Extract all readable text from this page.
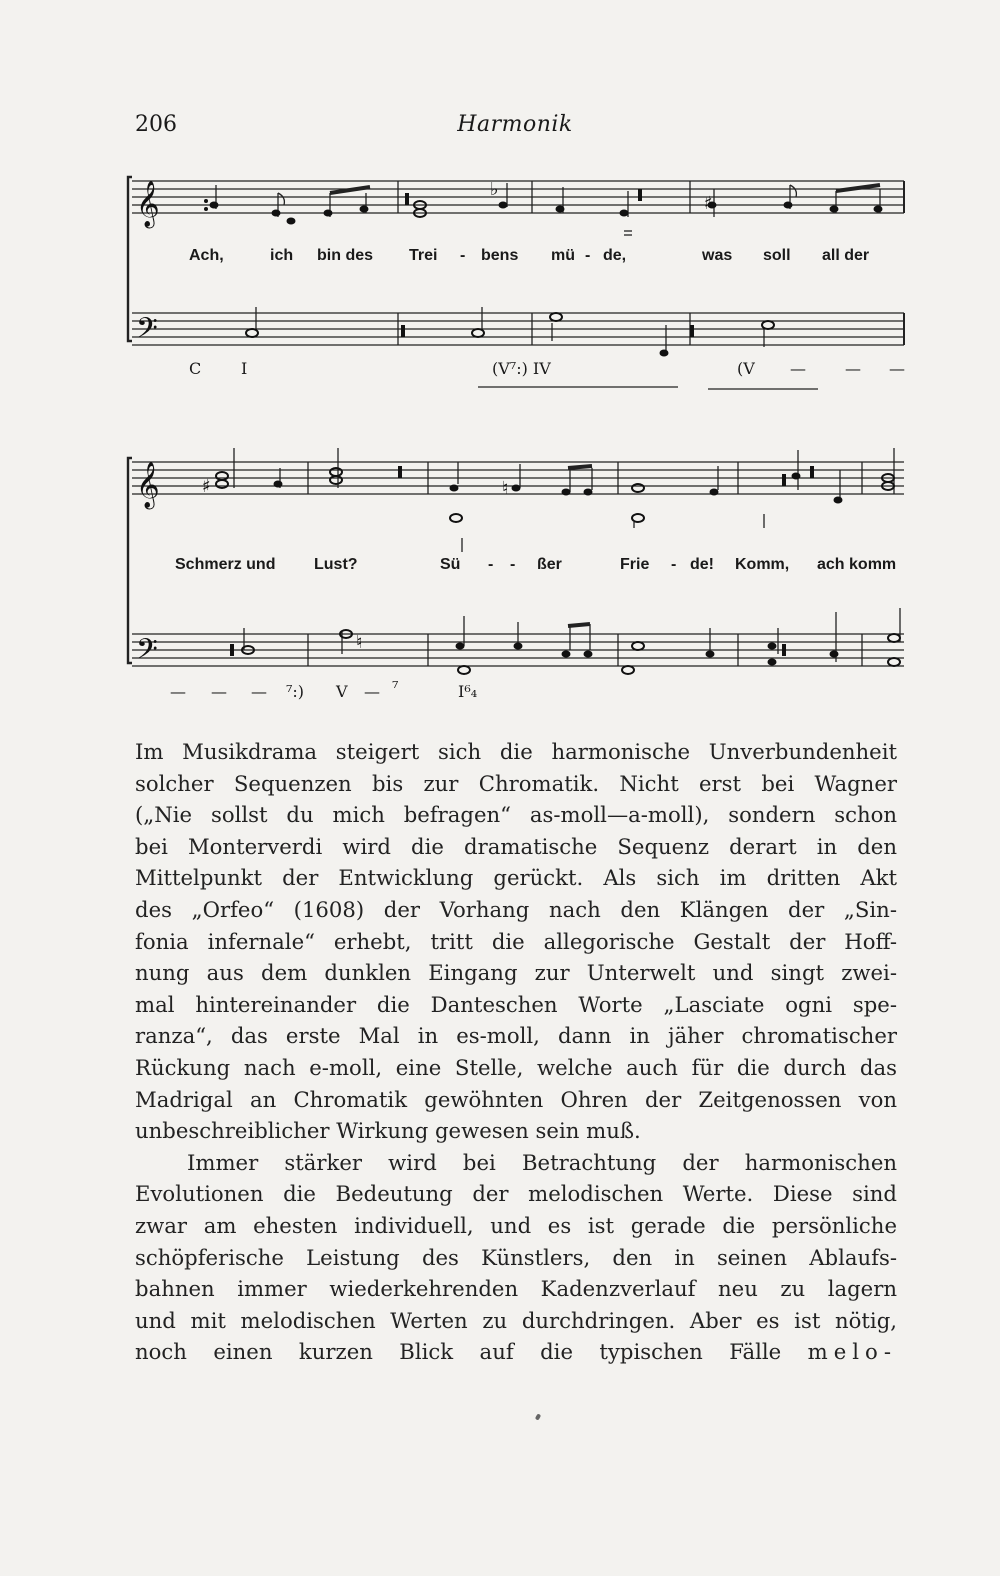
206	Harmonik
𝄞
𝄢
♭
♯
Ach,	ich bin des Trei - bens mü - de,	was soll all der
C I	(V⁷:) IV	(V — — —
𝄞
𝄢
♯	♮
♮
Schmerz und Lust?	Sü - - ßer	Frie - de! Komm, ach komm
— — — ⁷:) V — ⁷	I⁶₄
Im Musikdrama steigert sich die harmonische Unverbundenheit
solcher Sequenzen bis zur Chromatik. Nicht erst bei Wagner
(„Nie sollst du mich befragen“ as-moll—a-moll), sondern schon
bei Monterverdi wird die dramatische Sequenz derart in den
Mittelpunkt der Entwicklung gerückt. Als sich im dritten Akt
des „Orfeo“ (1608) der Vorhang nach den Klängen der „Sin-
fonia infernale“ erhebt, tritt die allegorische Gestalt der Hoff-
nung aus dem dunklen Eingang zur Unterwelt und singt zwei-
mal hintereinander die Danteschen Worte „Lasciate ogni spe-
ranza“, das erste Mal in es-moll, dann in jäher chromatischer
Rückung nach e-moll, eine Stelle, welche auch für die durch das
Madrigal an Chromatik gewöhnten Ohren der Zeitgenossen von
unbeschreiblicher Wirkung gewesen sein muß.
Immer stärker wird bei Betrachtung der harmonischen
Evolutionen die Bedeutung der melodischen Werte. Diese sind
zwar am ehesten individuell, und es ist gerade die persönliche
schöpferische Leistung des Künstlers, den in seinen Ablaufs-
bahnen immer wiederkehrenden Kadenzverlauf neu zu lagern
und mit melodischen Werten zu durchdringen. Aber es ist nötig,
noch einen kurzen Blick auf die typischen Fälle melo-
